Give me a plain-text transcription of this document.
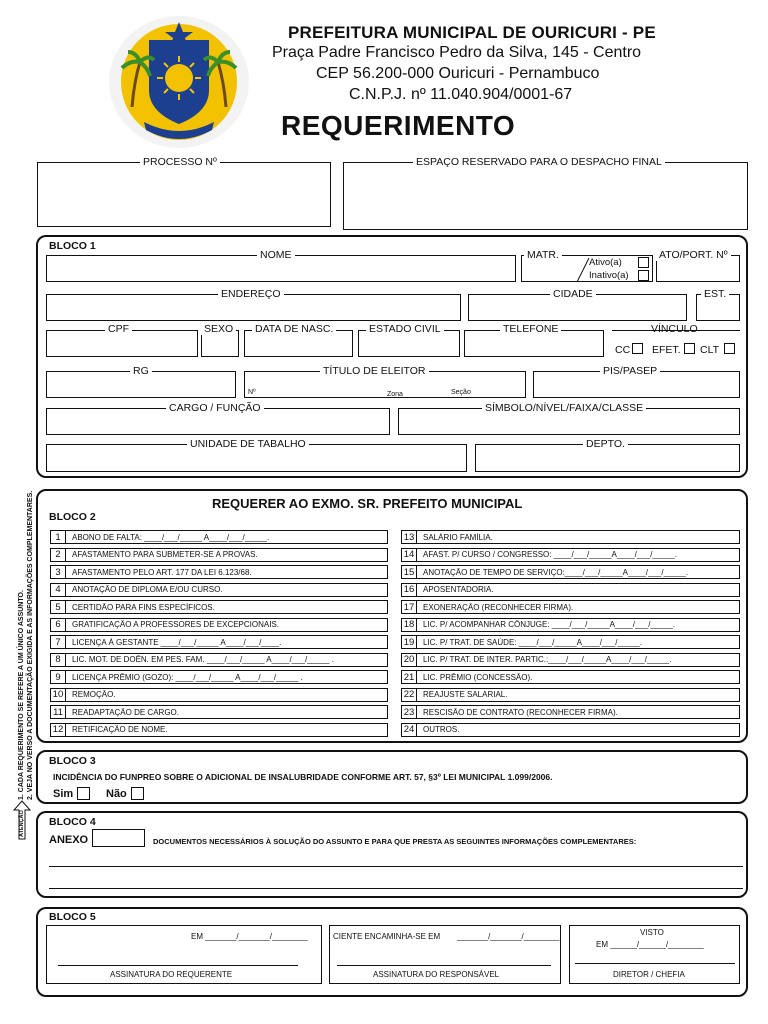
PREFEITURA MUNICIPAL DE OURICURI - PE
Praça Padre Francisco Pedro da Silva, 145 - Centro
CEP 56.200-000 Ouricuri - Pernambuco
C.N.P.J. nº 11.040.904/0001-67
REQUERIMENTO
PROCESSO Nº	ESPAÇO RESERVADO PARA O DESPACHO FINAL
BLOCO 1
NOME	MATR.
Ativo(a)
Inativo(a)
ATO/PORT. Nº
ENDEREÇO	CIDADE	EST.
CPF	SEXO DATA DE NASC.	ESTADO CIVIL	TELEFONE	VÍNCULO
CC EFET. CLT
RG	TÍTULO DE ELEITOR
Nº	Zona	Seção
PIS/PASEP
CARGO / FUNÇÃO	SÍMBOLO/NÍVEL/FAIXA/CLASSE
UNIDADE DE TABALHO	DEPTO.
1. CADA REQUERIMENTO SE REFERE A UM ÚNICO ASSUNTO. 2. VEJA NO VERSO A DOCUMENTAÇÃO EXIGIDA E AS INFORMAÇÕES COMPLEMENTARES.
ATENÇÃO
REQUERER AO EXMO. SR. PREFEITO MUNICIPAL
BLOCO 2
1	ABONO DE FALTA: ____/___/_____ A____/___/_____.
2	AFASTAMENTO PARA SUBMETER-SE A PROVAS.
3	AFASTAMENTO PELO ART. 177 DA LEI 6.123/68.
4	ANOTAÇÃO DE DIPLOMA E/OU CURSO.
5	CERTIDÃO PARA FINS ESPECÍFICOS.
6	GRATIFICAÇÃO A PROFESSORES DE EXCEPCIONAIS.
7	LICENÇA À GESTANTE ____/___/_____ A____/___/____.
8	LIC. MOT. DE DOÊN. EM PES. FAM. ____/___/_____ A____/___/_____ .
9	LICENÇA PRÊMIO (GOZO): ____/___/_____ A____/___/_____ .
10	REMOÇÃO.
11	READAPTAÇÃO DE CARGO.
12	RETIFICAÇÃO DE NOME.
13	SALÁRIO FAMÍLIA.
14	AFAST. P/ CURSO / CONGRESSO: ____/___/_____A____/___/_____.
15	ANOTAÇÃO DE TEMPO DE SERVIÇO:____/___/_____A____/___/_____.
16	APOSENTADORIA.
17	EXONERAÇÃO (RECONHECER FIRMA).
18	LIC. P/ ACOMPANHAR CÔNJUGE: ____/___/_____A____/___/_____.
19	LIC. P/ TRAT. DE SAÚDE: ____/___/_____A____/___/_____.
20	LIC. P/ TRAT. DE INTER. PARTIC.:____/___/_____A____/___/_____.
21	LIC. PRÊMIO (CONCESSÃO).
22	REAJUSTE SALARIAL.
23	RESCISÃO DE CONTRATO (RECONHECER FIRMA).
24	OUTROS.
BLOCO 3
INCIDÊNCIA DO FUNPREO SOBRE O ADICIONAL DE INSALUBRIDADE CONFORME ART. 57, §3º LEI MUNICIPAL 1.099/2006.
Sim	Não
BLOCO 4
ANEXO	DOCUMENTOS NECESSÁRIOS À SOLUÇÃO DO ASSUNTO E PARA QUE PRESTA AS SEGUINTES INFORMAÇÕES COMPLEMENTARES:
BLOCO 5
EM _______/_______/________
ASSINATURA DO REQUERENTE
CIENTE ENCAMINHA-SE EM _______/_______/________
ASSINATURA DO RESPONSÁVEL
VISTO
EM ______/______/________
DIRETOR / CHEFIA
